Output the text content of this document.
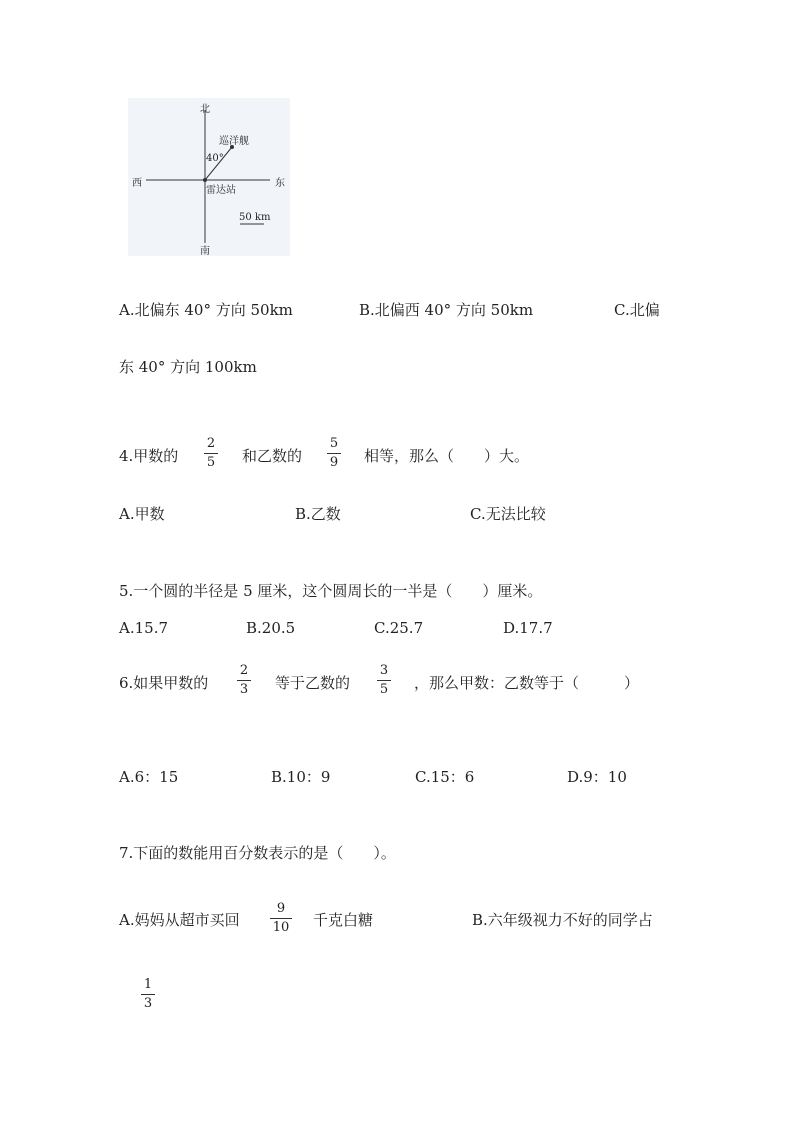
北
南
东
西
巡洋舰
40°
雷达站
50 km
A.北偏东 40° 方向 50km	B.北偏西 40° 方向 50km	C.北偏
东 40° 方向 100km
4.甲数的
2
5 和乙数的
5
9 相等，那么（　　）大。
A.甲数	B.乙数	C.无法比较
5.一个圆的半径是 5 厘米，这个圆周长的一半是（　　）厘米。
A.15.7	B.20.5	C.25.7	D.17.7
6.如果甲数的
2
3 等于乙数的
3
5 ，那么甲数：乙数等于（　　　）
A.6：15	B.10：9	C.15：6	D.9：10
7.下面的数能用百分数表示的是（　　）。
A.妈妈从超市买回
9
10 千克白糖	B.六年级视力不好的同学占
1
3
